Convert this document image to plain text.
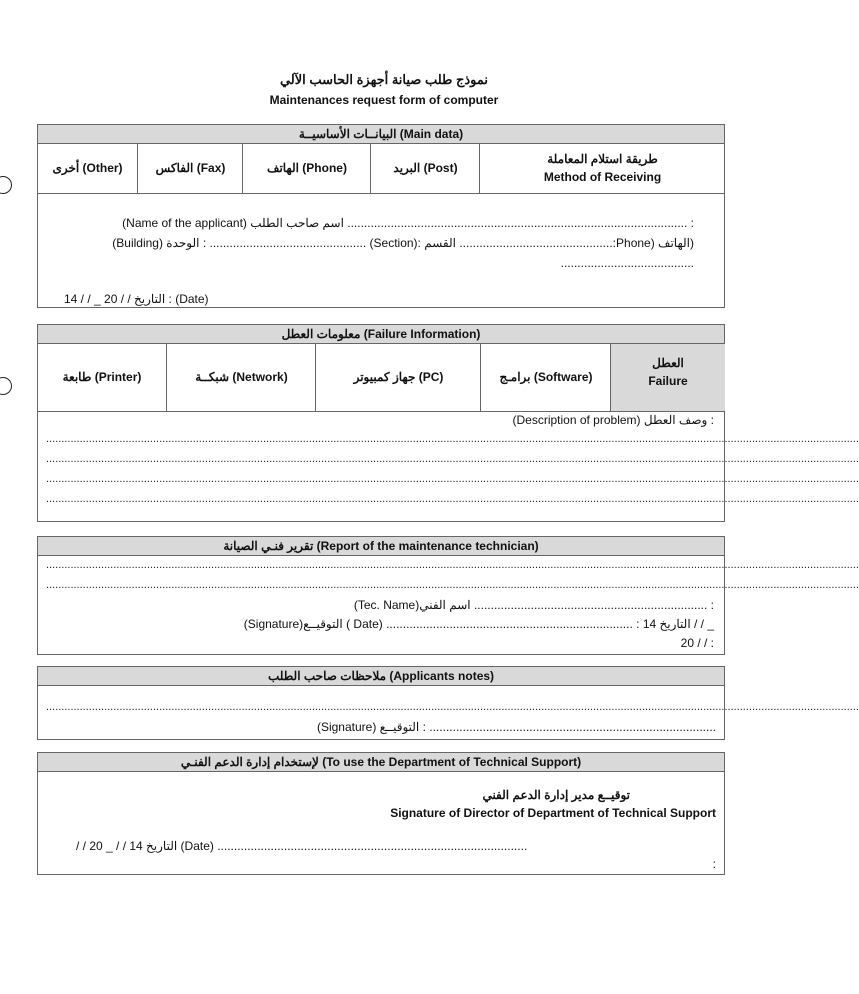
نموذج طلب صيانة أجهزة الحاسب الآلي
Maintenances request form of computer
البيانــات الأساسيــة (Main data)
أخرى (Other)	الفاكس (Fax)	الهاتف (Phone)	البريد (Post)
طريقة استلام المعاملة
Method of Receiving
(Name of the applicant) اسم صاحب الطلب ...................................................................................................... :
(Building) الوحدة : ............................................... (Section): القسم ..............................................:Phone) الهاتف)
........................................
14 / / _ 20 / / التاريخ : (Date)
معلومات العطل (Failure Information)
طابعة (Printer)	شبكــة (Network)	جهاز كمبيوتر (PC)	برامـج (Software)
العطل
Failure
(Description of problem) وصف العطل :
..........................................................................................................................................................................................................................................................................
..........................................................................................................................................................................................................................................................................
..........................................................................................................................................................................................................................................................................
..........................................................................................................................................................................................................................................................................
تقرير فنـي الصيانة (Report of the maintenance technician)
..........................................................................................................................................................................................................................................................................
..........................................................................................................................................................................................................................................................................
(Tec. Name)اسم الفني ...................................................................... :
(Signature)التوقيــع ( Date) .......................................................................... : التاريخ 14 / / _
20 / / :
ملاحظات صاحب الطلب (Applicants notes)
..........................................................................................................................................................................................................................................................................
(Signature) التوقيــع : ......................................................................................
لإستخدام إدارة الدعم الفنـي (To use the Department of Technical Support)
توقيــع مدير إدارة الدعم الفني
Signature of Director of Department of Technical Support
/ / 20 _ / / 14 التاريخ (Date) .............................................................................................
:
